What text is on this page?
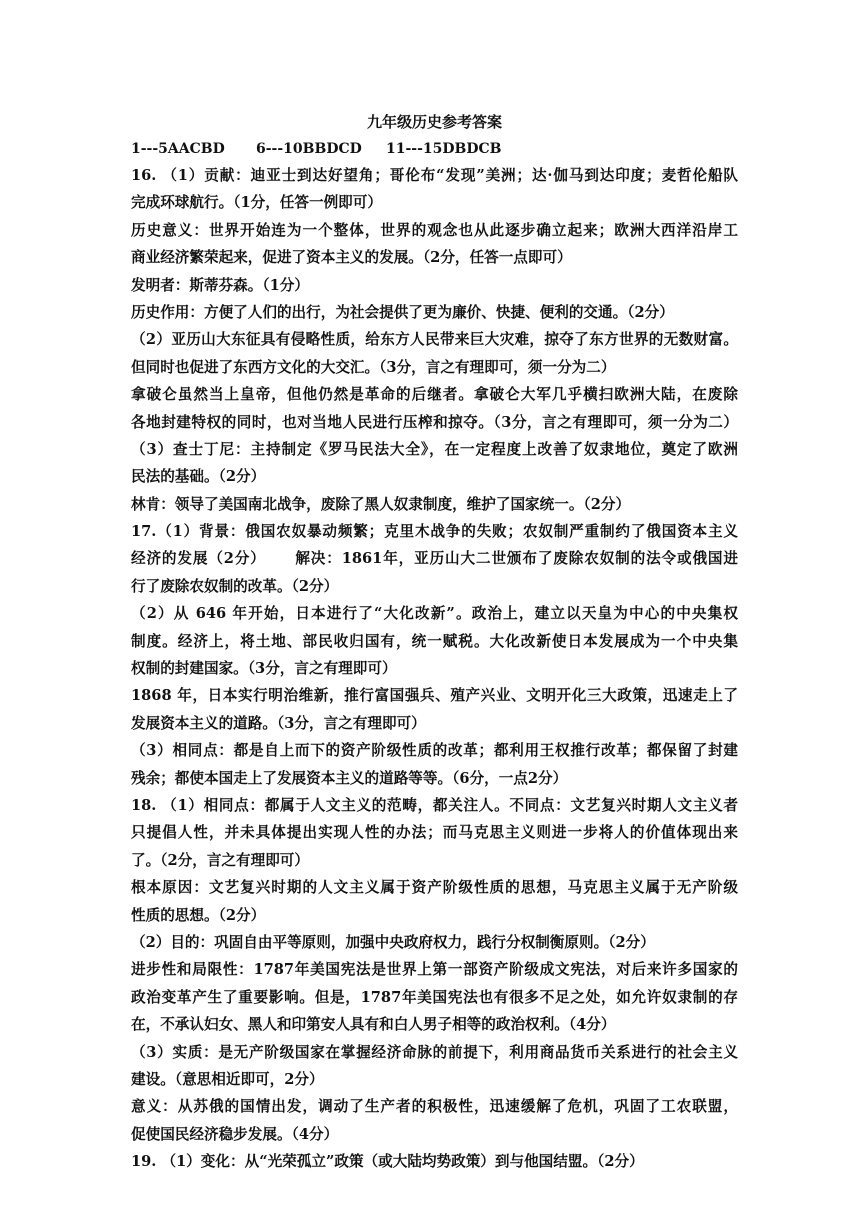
九年级历史参考答案
1---5AACBD	6---10BBDCD	11---15DBDCB
16. （1）贡献：迪亚士到达好望角；哥伦布“发现”美洲；达·伽马到达印度；麦哲伦船队
完成环球航行。（1分，任答一例即可）
历史意义：世界开始连为一个整体，世界的观念也从此逐步确立起来；欧洲大西洋沿岸工
商业经济繁荣起来，促进了资本主义的发展。（2分，任答一点即可）
发明者：斯蒂芬森。（1分）
历史作用：方便了人们的出行，为社会提供了更为廉价、快捷、便利的交通。（2分）
（2）亚历山大东征具有侵略性质，给东方人民带来巨大灾难，掠夺了东方世界的无数财富。
但同时也促进了东西方文化的大交汇。（3分，言之有理即可，须一分为二）
拿破仑虽然当上皇帝，但他仍然是革命的后继者。拿破仑大军几乎横扫欧洲大陆，在废除
各地封建特权的同时，也对当地人民进行压榨和掠夺。（3分，言之有理即可，须一分为二）
（3）查士丁尼：主持制定《罗马民法大全》，在一定程度上改善了奴隶地位，奠定了欧洲
民法的基础。（2分）
林肯：领导了美国南北战争，废除了黑人奴隶制度，维护了国家统一。（2分）
17.（1）背景：俄国农奴暴动频繁；克里木战争的失败；农奴制严重制约了俄国资本主义
经济的发展（2分）　　 解决：1861年，亚历山大二世颁布了废除农奴制的法令或俄国进
行了废除农奴制的改革。（2分）
（2）从 646 年开始，日本进行了“大化改新”。政治上，建立以天皇为中心的中央集权
制度。经济上，将土地、部民收归国有，统一赋税。大化改新使日本发展成为一个中央集
权制的封建国家。（3分，言之有理即可）
1868 年，日本实行明治维新，推行富国强兵、殖产兴业、文明开化三大政策，迅速走上了
发展资本主义的道路。（3分，言之有理即可）
（3）相同点：都是自上而下的资产阶级性质的改革；都利用王权推行改革；都保留了封建
残余；都使本国走上了发展资本主义的道路等等。（6分，一点2分）
18. （1）相同点：都属于人文主义的范畴，都关注人。不同点：文艺复兴时期人文主义者
只提倡人性，并未具体提出实现人性的办法；而马克思主义则进一步将人的价值体现出来
了。（2分，言之有理即可）
根本原因：文艺复兴时期的人文主义属于资产阶级性质的思想，马克思主义属于无产阶级
性质的思想。（2分）
（2）目的：巩固自由平等原则，加强中央政府权力，践行分权制衡原则。（2分）
进步性和局限性：1787年美国宪法是世界上第一部资产阶级成文宪法，对后来许多国家的
政治变革产生了重要影响。但是，1787年美国宪法也有很多不足之处，如允许奴隶制的存
在，不承认妇女、黑人和印第安人具有和白人男子相等的政治权利。（4分）
（3）实质：是无产阶级国家在掌握经济命脉的前提下，利用商品货币关系进行的社会主义
建设。（意思相近即可，2分）
意义：从苏俄的国情出发，调动了生产者的积极性，迅速缓解了危机，巩固了工农联盟，
促使国民经济稳步发展。（4分）
19. （1）变化：从“光荣孤立”政策（或大陆均势政策）到与他国结盟。（2分）
